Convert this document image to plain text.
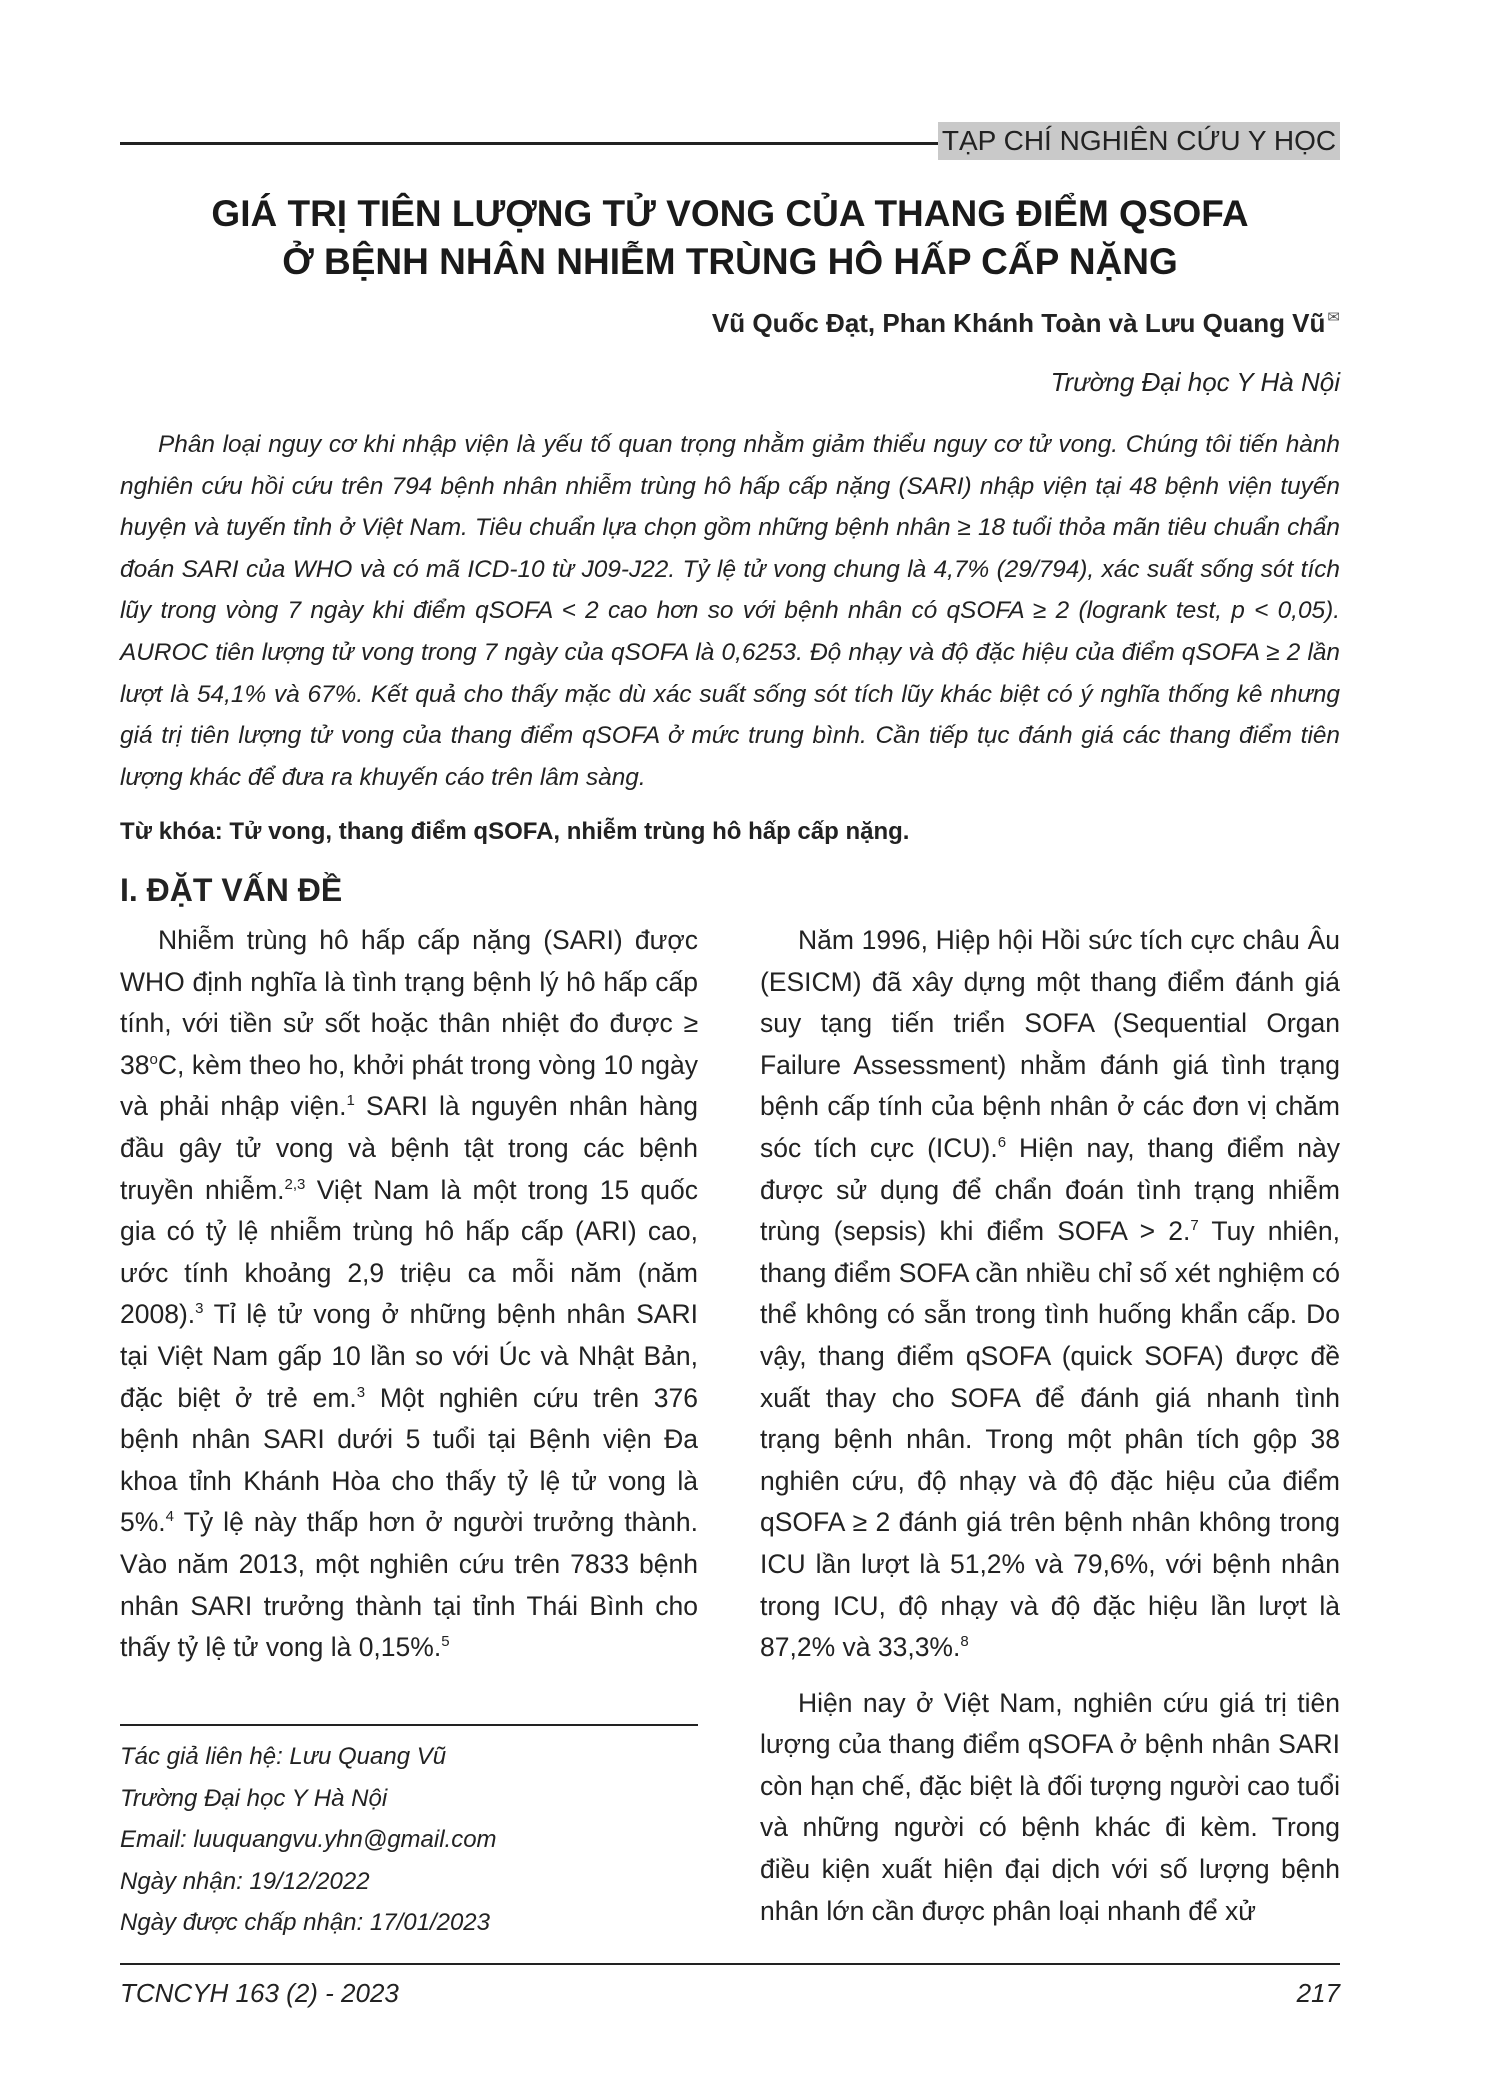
TẠP CHÍ NGHIÊN CỨU Y HỌC
GIÁ TRỊ TIÊN LƯỢNG TỬ VONG CỦA THANG ĐIỂM QSOFA
Ở BỆNH NHÂN NHIỄM TRÙNG HÔ HẤP CẤP NẶNG
Vũ Quốc Đạt, Phan Khánh Toàn và Lưu Quang Vũ ✉
Trường Đại học Y Hà Nội

Phân loại nguy cơ khi nhập viện là yếu tố quan trọng nhằm giảm thiểu nguy cơ tử vong. Chúng tôi tiến hành nghiên cứu hồi cứu trên 794 bệnh nhân nhiễm trùng hô hấp cấp nặng (SARI) nhập viện tại 48 bệnh viện tuyến huyện và tuyến tỉnh ở Việt Nam. Tiêu chuẩn lựa chọn gồm những bệnh nhân ≥ 18 tuổi thỏa mãn tiêu chuẩn chẩn đoán SARI của WHO và có mã ICD-10 từ J09-J22. Tỷ lệ tử vong chung là 4,7% (29/794), xác suất sống sót tích lũy trong vòng 7 ngày khi điểm qSOFA < 2 cao hơn so với bệnh nhân có qSOFA ≥ 2 (logrank test, p < 0,05). AUROC tiên lượng tử vong trong 7 ngày của qSOFA là 0,6253. Độ nhạy và độ đặc hiệu của điểm qSOFA ≥ 2 lần lượt là 54,1% và 67%. Kết quả cho thấy mặc dù xác suất sống sót tích lũy khác biệt có ý nghĩa thống kê nhưng giá trị tiên lượng tử vong của thang điểm qSOFA ở mức trung bình. Cần tiếp tục đánh giá các thang điểm tiên lượng khác để đưa ra khuyến cáo trên lâm sàng.

Từ khóa: Tử vong, thang điểm qSOFA, nhiễm trùng hô hấp cấp nặng.
I. ĐẶT VẤN ĐỀ

Nhiễm trùng hô hấp cấp nặng (SARI) được WHO định nghĩa là tình trạng bệnh lý hô hấp cấp tính, với tiền sử sốt hoặc thân nhiệt đo được ≥ $38^oC$, kèm theo ho, khởi phát trong vòng 10 ngày và phải nhập viện.$^1$ SARI là nguyên nhân hàng đầu gây tử vong và bệnh tật trong các bệnh truyền nhiễm.$^{2,3}$ Việt Nam là một trong 15 quốc gia có tỷ lệ nhiễm trùng hô hấp cấp (ARI) cao, ước tính khoảng 2,9 triệu ca mỗi năm (năm 2008).$^3$ Tỉ lệ tử vong ở những bệnh nhân SARI tại Việt Nam gấp 10 lần so với Úc và Nhật Bản, đặc biệt ở trẻ em.$^3$ Một nghiên cứu trên 376 bệnh nhân SARI dưới 5 tuổi tại Bệnh viện Đa khoa tỉnh Khánh Hòa cho thấy tỷ lệ tử vong là 5%.$^4$ Tỷ lệ này thấp hơn ở người trưởng thành. Vào năm 2013, một nghiên cứu trên 7833 bệnh nhân SARI trưởng thành tại tỉnh Thái Bình cho thấy tỷ lệ tử vong là 0,15%.$^5$

Năm 1996, Hiệp hội Hồi sức tích cực châu Âu (ESICM) đã xây dựng một thang điểm đánh giá suy tạng tiến triển SOFA (Sequential Organ Failure Assessment) nhằm đánh giá tình trạng bệnh cấp tính của bệnh nhân ở các đơn vị chăm sóc tích cực (ICU).$^6$ Hiện nay, thang điểm này được sử dụng để chẩn đoán tình trạng nhiễm trùng (sepsis) khi điểm SOFA > 2.$^7$ Tuy nhiên, thang điểm SOFA cần nhiều chỉ số xét nghiệm có thể không có sẵn trong tình huống khẩn cấp. Do vậy, thang điểm qSOFA (quick SOFA) được đề xuất thay cho SOFA để đánh giá nhanh tình trạng bệnh nhân. Trong một phân tích gộp 38 nghiên cứu, độ nhạy và độ đặc hiệu của điểm qSOFA ≥ 2 đánh giá trên bệnh nhân không trong ICU lần lượt là 51,2% và 79,6%, với bệnh nhân trong ICU, độ nhạy và độ đặc hiệu lần lượt là 87,2% và 33,3%.$^8$

Hiện nay ở Việt Nam, nghiên cứu giá trị tiên lượng của thang điểm qSOFA ở bệnh nhân SARI còn hạn chế, đặc biệt là đối tượng người cao tuổi và những người có bệnh khác đi kèm. Trong điều kiện xuất hiện đại dịch với số lượng bệnh nhân lớn cần được phân loại nhanh để xử

Tác giả liên hệ: Lưu Quang Vũ
Trường Đại học Y Hà Nội
Email: luuquangvu.yhn@gmail.com
Ngày nhận: 19/12/2022
Ngày được chấp nhận: 17/01/2023
TCNCYH 163 (2) - 2023	217
